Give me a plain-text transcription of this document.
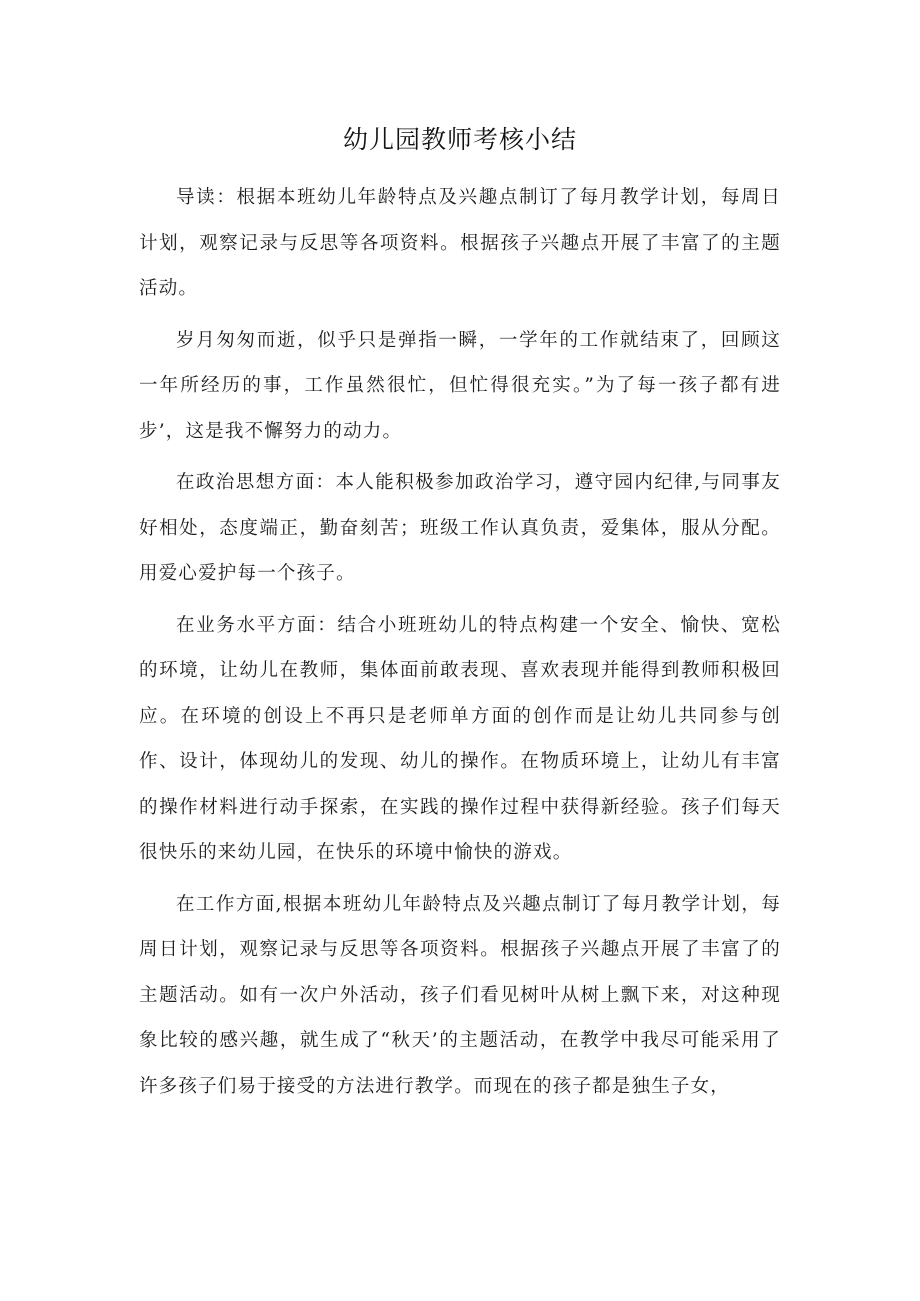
幼儿园教师考核小结

导读：根据本班幼儿年龄特点及兴趣点制订了每月教学计划，每周日计划，观察记录与反思等各项资料。根据孩子兴趣点开展了丰富了的主题活动。

岁月匆匆而逝，似乎只是弹指一瞬，一学年的工作就结束了，回顾这一年所经历的事，工作虽然很忙，但忙得很充实。”为了每一孩子都有进步’，这是我不懈努力的动力。

在政治思想方面：本人能积极参加政治学习，遵守园内纪律,与同事友好相处，态度端正，勤奋刻苦；班级工作认真负责，爱集体，服从分配。用爱心爱护每一个孩子。

在业务水平方面：结合小班班幼儿的特点构建一个安全、愉快、宽松的环境，让幼儿在教师，集体面前敢表现、喜欢表现并能得到教师积极回应。在环境的创设上不再只是老师单方面的创作而是让幼儿共同参与创作、设计，体现幼儿的发现、幼儿的操作。在物质环境上，让幼儿有丰富的操作材料进行动手探索，在实践的操作过程中获得新经验。孩子们每天很快乐的来幼儿园，在快乐的环境中愉快的游戏。

在工作方面,根据本班幼儿年龄特点及兴趣点制订了每月教学计划，每周日计划，观察记录与反思等各项资料。根据孩子兴趣点开展了丰富了的主题活动。如有一次户外活动，孩子们看见树叶从树上飘下来，对这种现象比较的感兴趣，就生成了“秋天’的主题活动，在教学中我尽可能采用了许多孩子们易于接受的方法进行教学。而现在的孩子都是独生子女，
